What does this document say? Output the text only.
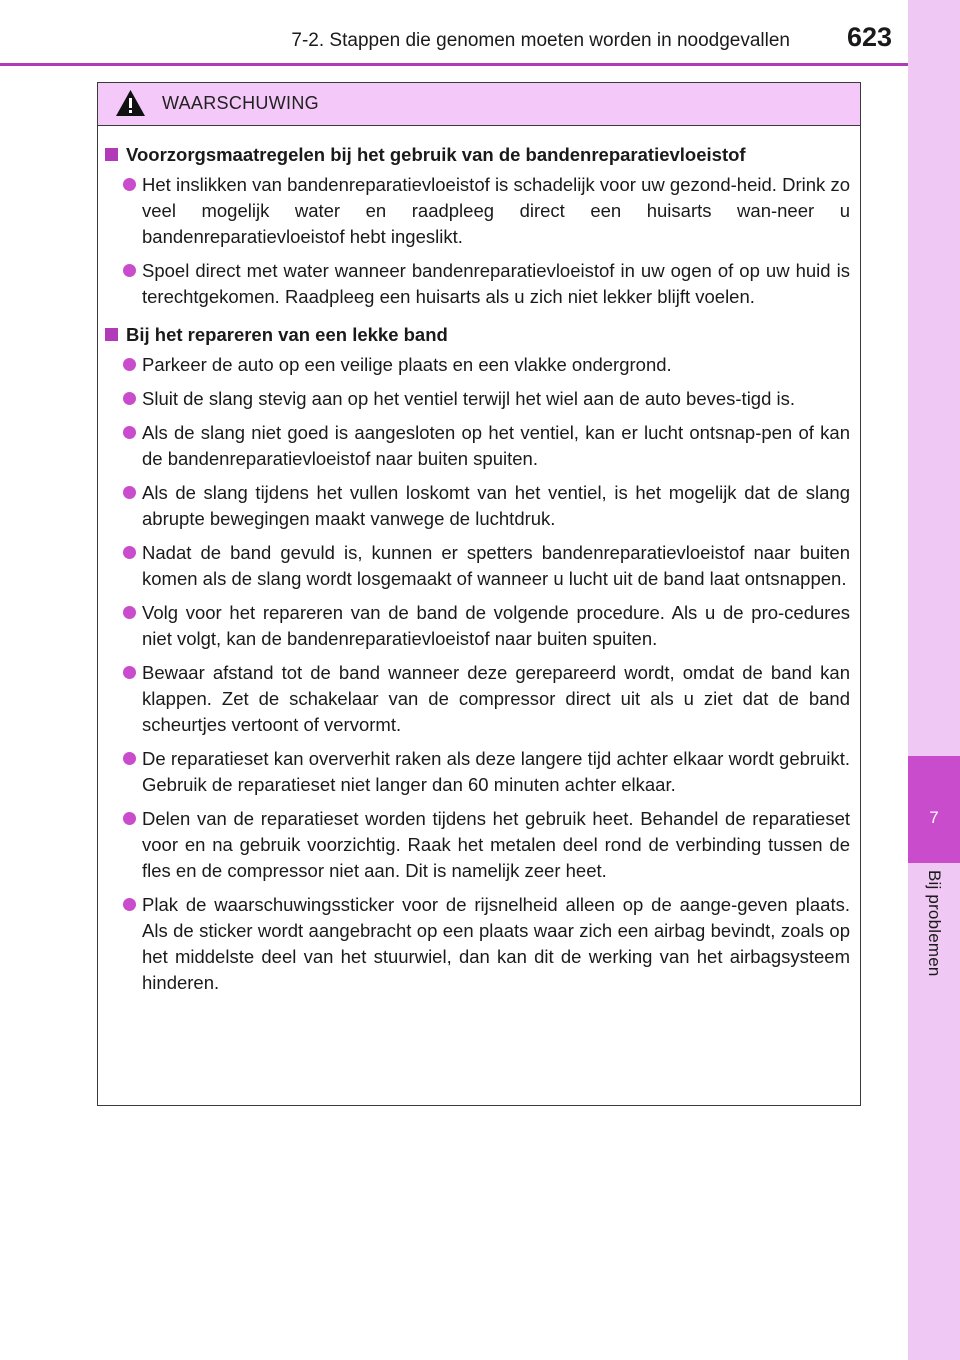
7
Bij problemen
7-2. Stappen die genomen moeten worden in noodgevallen	623
WAARSCHUWING
Voorzorgsmaatregelen bij het gebruik van de bandenreparatievloeistof
Het inslikken van bandenreparatievloeistof is schadelijk voor uw gezond-heid. Drink zo veel mogelijk water en raadpleeg direct een huisarts wan-neer u bandenreparatievloeistof hebt ingeslikt.
Spoel direct met water wanneer bandenreparatievloeistof in uw ogen of op uw huid is terechtgekomen. Raadpleeg een huisarts als u zich niet lekker blijft voelen.
Bij het repareren van een lekke band
Parkeer de auto op een veilige plaats en een vlakke ondergrond.
Sluit de slang stevig aan op het ventiel terwijl het wiel aan de auto beves-tigd is.
Als de slang niet goed is aangesloten op het ventiel, kan er lucht ontsnap-pen of kan de bandenreparatievloeistof naar buiten spuiten.
Als de slang tijdens het vullen loskomt van het ventiel, is het mogelijk dat de slang abrupte bewegingen maakt vanwege de luchtdruk.
Nadat de band gevuld is, kunnen er spetters bandenreparatievloeistof naar buiten komen als de slang wordt losgemaakt of wanneer u lucht uit de band laat ontsnappen.
Volg voor het repareren van de band de volgende procedure. Als u de pro-cedures niet volgt, kan de bandenreparatievloeistof naar buiten spuiten.
Bewaar afstand tot de band wanneer deze gerepareerd wordt, omdat de band kan klappen. Zet de schakelaar van de compressor direct uit als u ziet dat de band scheurtjes vertoont of vervormt.
De reparatieset kan oververhit raken als deze langere tijd achter elkaar wordt gebruikt. Gebruik de reparatieset niet langer dan 60 minuten achter elkaar.
Delen van de reparatieset worden tijdens het gebruik heet. Behandel de reparatieset voor en na gebruik voorzichtig. Raak het metalen deel rond de verbinding tussen de fles en de compressor niet aan. Dit is namelijk zeer heet.
Plak de waarschuwingssticker voor de rijsnelheid alleen op de aange-geven plaats. Als de sticker wordt aangebracht op een plaats waar zich een airbag bevindt, zoals op het middelste deel van het stuurwiel, dan kan dit de werking van het airbagsysteem hinderen.
